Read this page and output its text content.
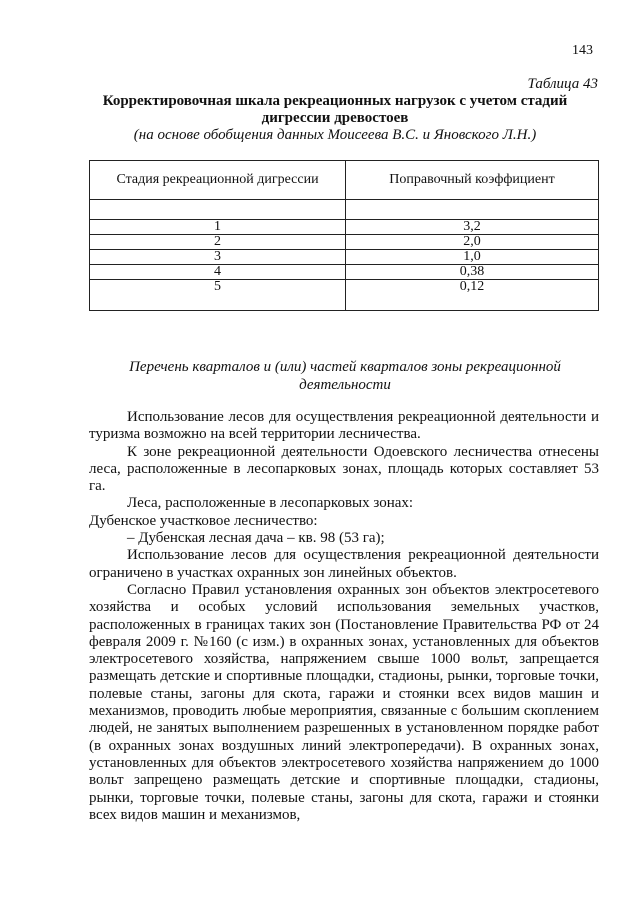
143
Таблица 43
Корректировочная шкала рекреационных нагрузок с учетом стадий
дигрессии древостоев
(на основе обобщения данных Моисеева В.С. и Яновского Л.Н.)
Стадия рекреационной дигрессии	Поправочный коэффициент

1	3,2
2	2,0
3	1,0
4	0,38
5	0,12
Перечень кварталов и (или) частей кварталов зоны рекреационной
деятельности

Использование лесов для осуществления рекреационной деятельности и туризма возможно на всей территории лесничества.

К зоне рекреационной деятельности Одоевского лесничества отнесены леса, расположенные в лесопарковых зонах, площадь которых составляет 53 га.

Леса, расположенные в лесопарковых зонах:

Дубенское участковое лесничество:

– Дубенская лесная дача – кв. 98 (53 га);

Использование лесов для осуществления рекреационной деятельности ограничено в участках охранных зон линейных объектов.

Согласно Правил установления охранных зон объектов электросетевого хозяйства и особых условий использования земельных участков, расположенных в границах таких зон (Постановление Правительства РФ от 24 февраля 2009 г. №160 (с изм.) в охранных зонах, установленных для объектов электросетевого хозяйства, напряжением свыше 1000 вольт, запрещается размещать детские и спортивные площадки, стадионы, рынки, торговые точки, полевые станы, загоны для скота, гаражи и стоянки всех видов машин и механизмов, проводить любые мероприятия, связанные с большим скоплением людей, не занятых выполнением разрешенных в установленном порядке работ (в охранных зонах воздушных линий электропередачи). В охранных зонах, установленных для объектов электросетевого хозяйства напряжением до 1000 вольт запрещено размещать детские и спортивные площадки, стадионы, рынки, торговые точки, полевые станы, загоны для скота, гаражи и стоянки всех видов машин и механизмов,
